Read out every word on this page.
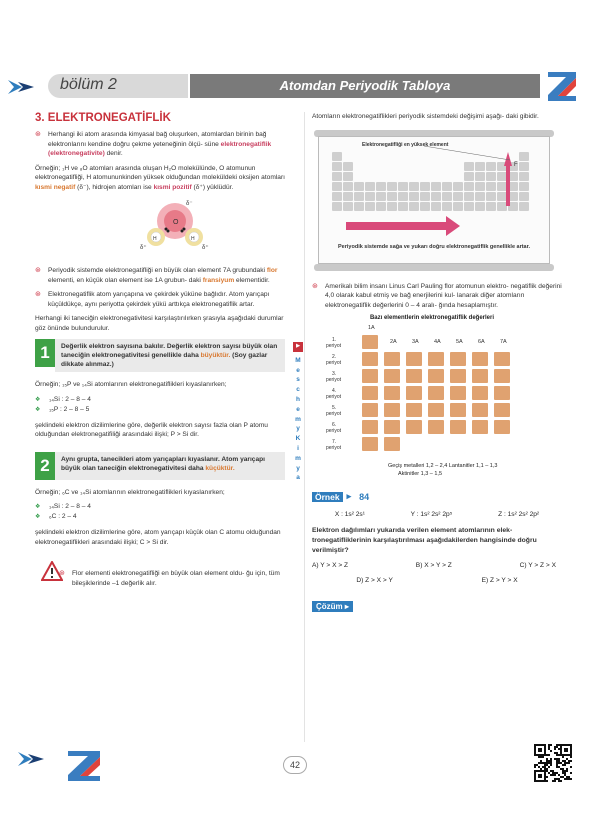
bölüm 2	Atomdan Periyodik Tabloya
3. ELEKTRONEGATİFLİK
⊛ Herhangi iki atom arasında kimyasal bağ oluşurken, atomlardan birinin bağ elektronlarını kendine doğru çekme yeteneğinin ölçü- süne elektronegatiflik (elektronegativite) denir.
Örneğin; ₁H ve ₈O atomları arasında oluşan H₂O molekülünde, O atomunun elektronegatifliği, H atomununkinden yüksek olduğundan moleküldeki oksijen atomları kısmi negatif (δ⁻), hidrojen atomları ise kısmi pozitif (δ⁺) yüklüdür.
O
H	H
δ⁻
δ⁺	δ⁺
⊛ Periyodik sistemde elektronegatifliği en büyük olan element 7A grubundaki flor elementi, en küçük olan element ise 1A grubun- daki fransiyum elementidir.
⊛ Elektronegatiflik atom yarıçapına ve çekirdek yüküne bağlıdır. Atom yarıçapı küçüldükçe, aynı periyotta çekirdek yükü arttıkça elektronegatiflik artar.
Herhangi iki taneciğin elektronegativitesi karşılaştırılırken şrasıyla aşağıdaki durumlar göz önünde bulundurulur.
1	Değerlik elektron sayısına bakılır. Değerlik elektron sayısı büyük olan taneciğin elektronegativitesi genellikle daha büyüktür. (Soy gazlar dikkate alınmaz.)
Örneğin; ₁₅P ve ₁₄Si atomlarının elektronegatiflikleri kıyaslanırken;
❖ ₁₄Si : 2 – 8 – 4
❖ ₁₅P : 2 – 8 – 5
şeklindeki elektron dizilimlerine göre, değerlik elektron sayısı fazla olan P atomu olduğundan elektronegatifiliği arasındaki ilişki; P > Si dir.
2	Aynı grupta, tanecikleri atom yarıçapları kıyaslanır. Atom yarıçapı büyük olan taneciğin elektronegativitesi daha küçüktür.
Örneğin; ₆C ve ₁₄Si atomlarının elektronegatiflikleri kıyaslanırken;
❖ ₁₄Si : 2 – 8 – 4
❖ ₆C : 2 – 4
şeklindeki elektron dizilimlerine göre, atom yarıçapı küçük olan C atomu olduğundan elektronegatiflikleri arasındaki ilişki; C > Si dir.
⊛ Flor elementi elektronegatifliği en büyük olan element oldu- ğu için, tüm bileşiklerinde –1 değerlik alır.
▶
M
e
s
c
h
e
m
y
K
i
m
y
a
Atomların elektronegatiflikleri periyodik sistemdeki değişimi aşağı- daki gibidir.
Elektronegatifliği en yüksek element
F
Periyodik sistemde sağa ve yukarı doğru elektronegatiflik genellikle artar.
⊛ Amerikalı bilim insanı Linus Carl Pauling flor atomunun elektro- negatiflik değerini 4,0 olarak kabul etmiş ve bağ enerjilerini kul- lanarak diğer atomların elektronegatiflik değerlerini 0 – 4 aralı- ğında hesaplamıştır.
Bazı elementlerin elektronegatiflik değerleri
1A
2A	3A	4A	5A	6A	7A
1.
periyot
2.
periyot
3.
periyot
4.
periyot
5.
periyot
6.
periyot
7.
periyot
Geçiş metalleri 1,2 – 2,4 Lantanitler 1,1 – 1,3
Aktinitler 1,3 – 1,5
Örnek ▸ 84
X : 1s² 2s¹	Y : 1s² 2s² 2p⁵	Z : 1s² 2s² 2p²
Elektron dağılımları yukarıda verilen element atomlarının elek- tronegatifliklerinin karşılaştırılması aşağıdakilerden hangisinde doğru verilmiştir?
A) Y > X > Z	B) X > Y > Z	C) Y > Z > X
D) Z > X > Y	E) Z > Y > X
Çözüm ▸
42
